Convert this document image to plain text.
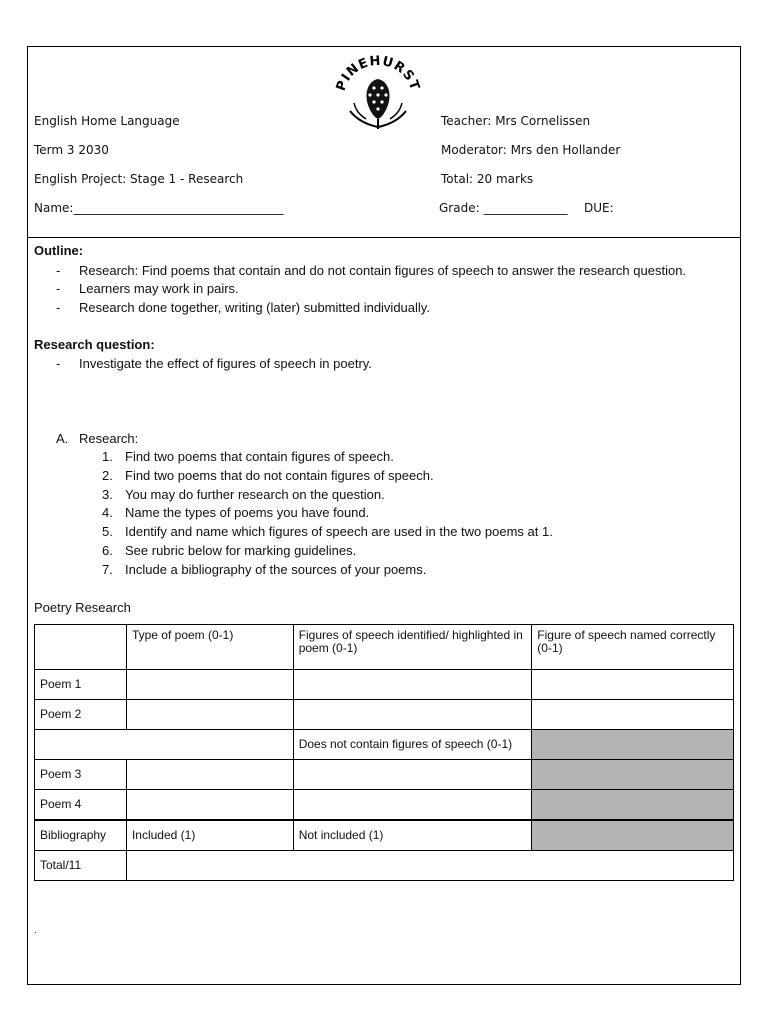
PINEHURST
English Home Language
Term 3 2030
English Project: Stage 1 - Research
Name:___________________________________
Teacher: Mrs Cornelissen
Moderator: Mrs den Hollander
Total: 20 marks
Grade: ______________ DUE:
Outline:
- Research: Find poems that contain and do not contain figures of speech to answer the research question.
- Learners may work in pairs.
- Research done together, writing (later) submitted individually.
Research question:
- Investigate the effect of figures of speech in poetry.
A. Research:
1. Find two poems that contain figures of speech.
2. Find two poems that do not contain figures of speech.
3. You may do further research on the question.
4. Name the types of poems you have found.
5. Identify and name which figures of speech are used in the two poems at 1.
6. See rubric below for marking guidelines.
7. Include a bibliography of the sources of your poems.
Poetry Research
	Type of poem (0-1)	Figures of speech identified/ highlighted in poem (0-1)	Figure of speech named correctly (0-1)
Poem 1			
Poem 2			
		Does not contain figures of speech (0-1)	
Poem 3			
Poem 4			
Bibliography	Included (1)	Not included (1)	
Total/11			
.
